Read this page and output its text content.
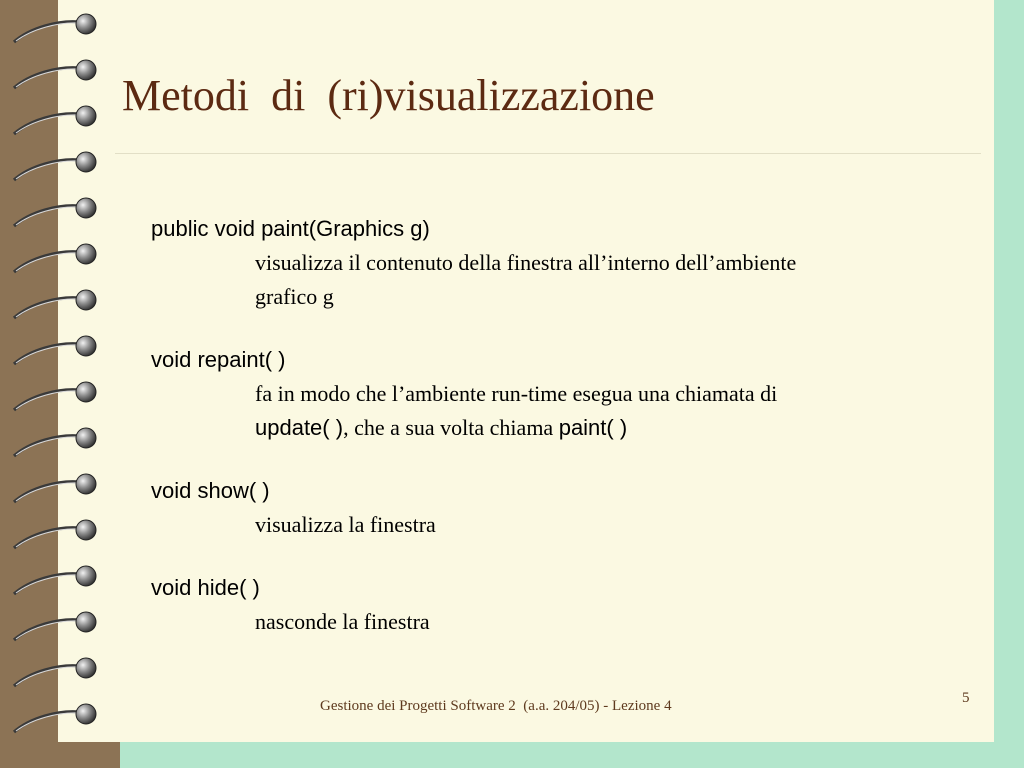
Metodi  di  (ri)visualizzazione
public void paint(Graphics g)
visualizza il contenuto della finestra all’interno dell’ambiente
grafico g
void repaint( )
fa in modo che l’ambiente run-time esegua una chiamata di
update( ), che a sua volta chiama paint( )
void show( )
visualizza la finestra
void hide( )
nasconde la finestra
Gestione dei Progetti Software 2  (a.a. 204/05) - Lezione 4	5
